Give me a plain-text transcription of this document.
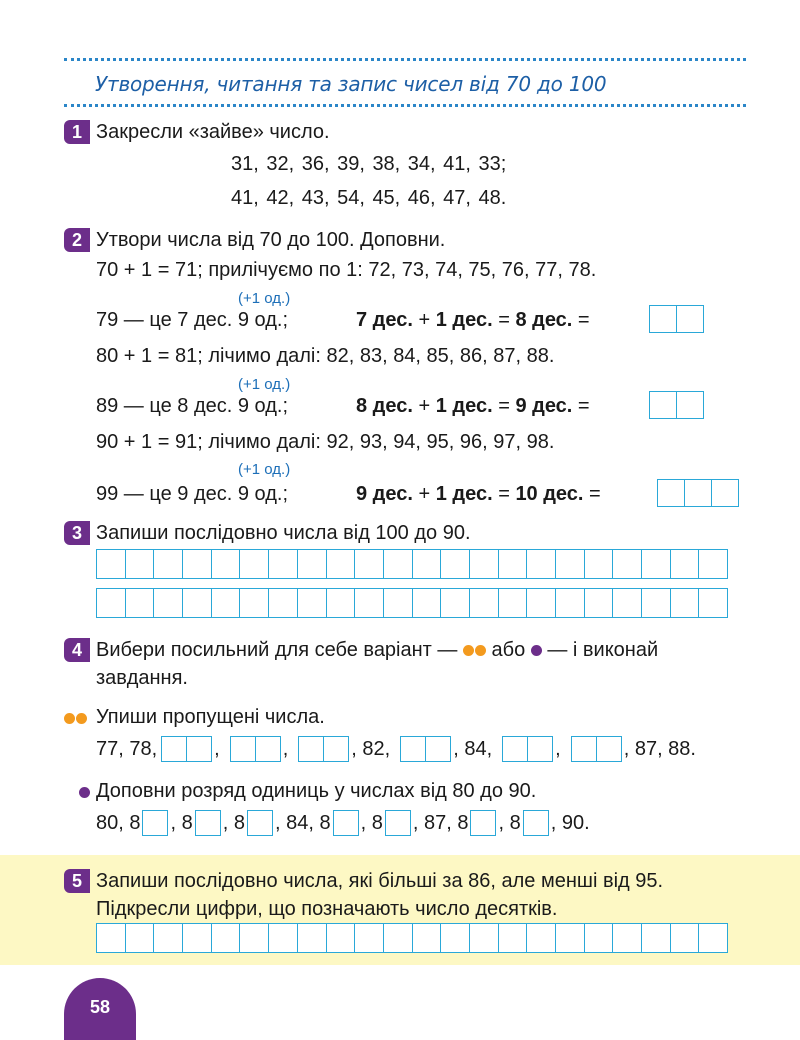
Утворення, читання та запис чисел від 70 до 100
1 Закресли «зайве» число.
31, 32, 36, 39, 38, 34, 41, 33;
41, 42, 43, 54, 45, 46, 47, 48.
2 Утвори числа від 70 до 100. Доповни.
70 + 1 = 71; прилічуємо по 1: 72, 73, 74, 75, 76, 77, 78.
(+1 од.)
79 — це 7 дес. 9 од.;	7 дес. + 1 дес. = 8 дес. =
80 + 1 = 81; лічимо далі: 82, 83, 84, 85, 86, 87, 88.
(+1 од.)
89 — це 8 дес. 9 од.;	8 дес. + 1 дес. = 9 дес. =
90 + 1 = 91; лічимо далі: 92, 93, 94, 95, 96, 97, 98.
(+1 од.)
99 — це 9 дес. 9 од.;	9 дес. + 1 дес. = 10 дес. =
3 Запиши послідовно числа від 100 до 90.
4 Вибери посильний для себе варіант — або — і виконай
завдання.
Упиши пропущені числа.
77, 78,	,	,	, 82,	, 84,	,	, 87, 88.
Доповни розряд одиниць у числах від 80 до 90.
80, 8 , 8 , 8 , 84, 8 , 8 , 87, 8 , 8 , 90.
5 Запиши послідовно числа, які більші за 86, але менші від 95.
Підкресли цифри, що позначають число десятків.
58
